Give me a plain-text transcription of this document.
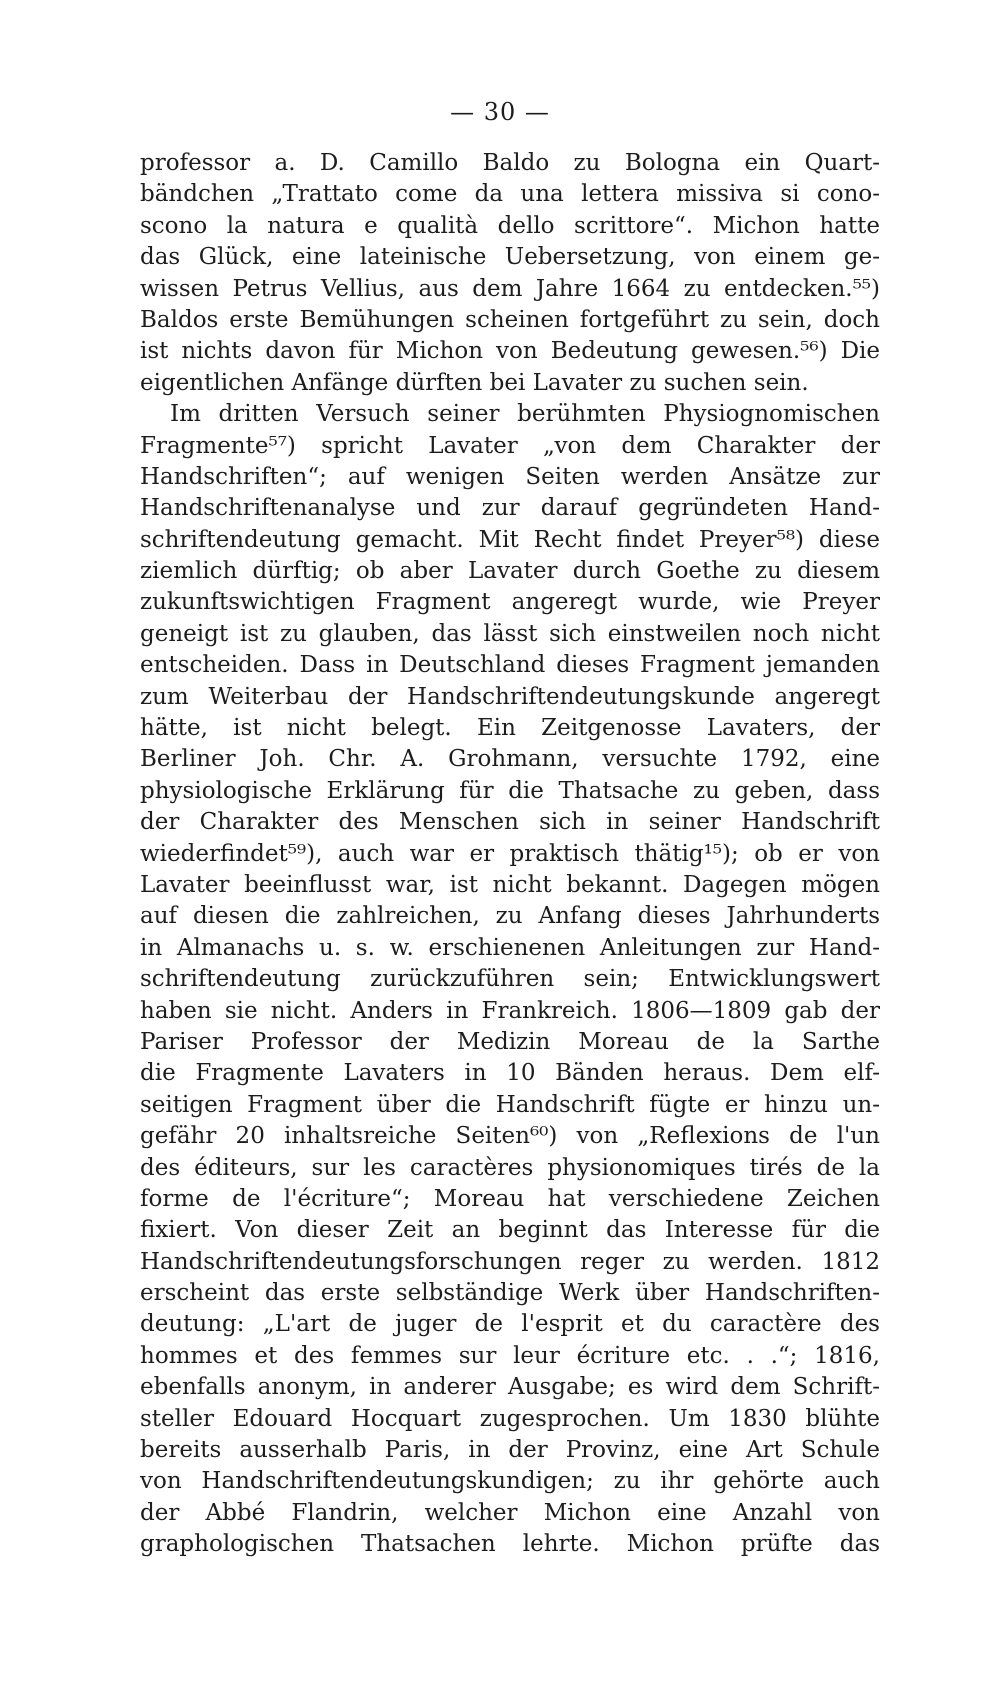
— 30 —
professor a. D. Camillo Baldo zu Bologna ein Quart-
bändchen „Trattato come da una lettera missiva si cono-
scono la natura e qualità dello scrittore“. Michon hatte
das Glück, eine lateinische Uebersetzung, von einem ge-
wissen Petrus Vellius, aus dem Jahre 1664 zu entdecken.⁵⁵)
Baldos erste Bemühungen scheinen fortgeführt zu sein, doch
ist nichts davon für Michon von Bedeutung gewesen.⁵⁶) Die
eigentlichen Anfänge dürften bei Lavater zu suchen sein.
Im dritten Versuch seiner berühmten Physiognomischen
Fragmente⁵⁷) spricht Lavater „von dem Charakter der
Handschriften“; auf wenigen Seiten werden Ansätze zur
Handschriftenanalyse und zur darauf gegründeten Hand-
schriftendeutung gemacht. Mit Recht findet Preyer⁵⁸) diese
ziemlich dürftig; ob aber Lavater durch Goethe zu diesem
zukunftswichtigen Fragment angeregt wurde, wie Preyer
geneigt ist zu glauben, das lässt sich einstweilen noch nicht
entscheiden. Dass in Deutschland dieses Fragment jemanden
zum Weiterbau der Handschriftendeutungskunde angeregt
hätte, ist nicht belegt. Ein Zeitgenosse Lavaters, der
Berliner Joh. Chr. A. Grohmann, versuchte 1792, eine
physiologische Erklärung für die Thatsache zu geben, dass
der Charakter des Menschen sich in seiner Handschrift
wiederfindet⁵⁹), auch war er praktisch thätig¹⁵); ob er von
Lavater beeinflusst war, ist nicht bekannt. Dagegen mögen
auf diesen die zahlreichen, zu Anfang dieses Jahrhunderts
in Almanachs u. s. w. erschienenen Anleitungen zur Hand-
schriftendeutung zurückzuführen sein; Entwicklungswert
haben sie nicht. Anders in Frankreich. 1806—1809 gab der
Pariser Professor der Medizin Moreau de la Sarthe
die Fragmente Lavaters in 10 Bänden heraus. Dem elf-
seitigen Fragment über die Handschrift fügte er hinzu un-
gefähr 20 inhaltsreiche Seiten⁶⁰) von „Reflexions de l'un
des éditeurs, sur les caractères physionomiques tirés de la
forme de l'écriture“; Moreau hat verschiedene Zeichen
fixiert. Von dieser Zeit an beginnt das Interesse für die
Handschriftendeutungsforschungen reger zu werden. 1812
erscheint das erste selbständige Werk über Handschriften-
deutung: „L'art de juger de l'esprit et du caractère des
hommes et des femmes sur leur écriture etc. . .“; 1816,
ebenfalls anonym, in anderer Ausgabe; es wird dem Schrift-
steller Edouard Hocquart zugesprochen. Um 1830 blühte
bereits ausserhalb Paris, in der Provinz, eine Art Schule
von Handschriftendeutungskundigen; zu ihr gehörte auch
der Abbé Flandrin, welcher Michon eine Anzahl von
graphologischen Thatsachen lehrte. Michon prüfte das
